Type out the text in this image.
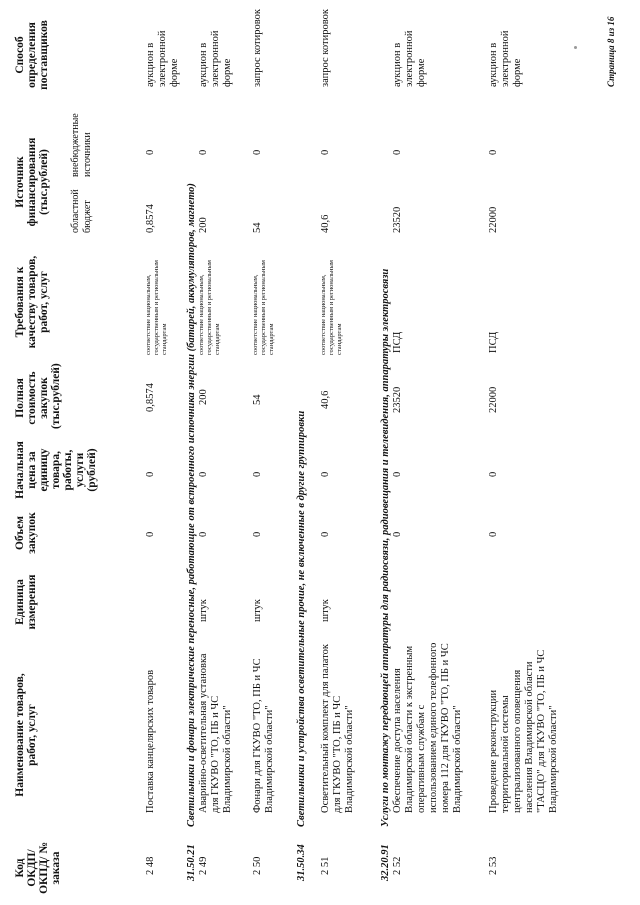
Код ОКДП/ ОКПД/ № заказа
Наименование товаров, работ, услуг
Единица измерения
Объем закупок
Начальная цена за единицу товара, работы, услуги (рублей)
Полная стоимость закупок (тыс.рублей)
Требования к качеству товаров, работ, услуг
Источник финансирования (тыс.рублей) областной бюджет
внебюджетные источники
Способ определения поставщиков
2 48
Поставка канцелярских товаров
0
0
0,8574
соответствие национальным, государственным и региональным стандартам
0,8574
0
аукцион в электронной форме
31.50.21
Светильники и фонари электрические переносные, работающие от встроенного источника энергии (батарей, аккумуляторов, магнето)
2 49
Аварийно-осветительная установка для ГКУВО "ТО, ПБ и ЧС Владимирской области"
штук
0
0
200
соответствие национальным, государственным и региональным стандартам
200
0
аукцион в электронной форме
2 50
Фонари для ГКУВО "ТО, ПБ и ЧС Владимирской области"
штук
0
0
54
соответствие национальным, государственным и региональным стандартам
54
0
запрос котировок
31.50.34
Светильники и устройства осветительные прочие, не включенные в другие группировки
2 51
Осветительный комплект для палаток для ГКУВО "ТО, ПБ и ЧС Владимирской области"
штук
0
0
40,6
соответствие национальным, государственным и региональным стандартам
40,6
0
запрос котировок
32.20.91
Услуги по монтажу передающей аппаратуры для радиосвязи, радиовещания и телевидения, аппаратуры электросвязи
2 52
Обеспечение доступа населения Владимирской области к экстренным оперативным службам с использованием единого телефонного номера 112 для ГКУВО "ТО, ПБ и ЧС Владимирской области"
0
0
23520
ПСД
23520
0
аукцион в электронной форме
2 53
Проведение реконструкции территориальной системы централизованного оповещения населения Владимирской области "ТАСЦО" для ГКУВО "ТО, ПБ и ЧС Владимирской области"
0
0
22000
ПСД
22000
0
аукцион в электронной форме	Страница 8 из 16
